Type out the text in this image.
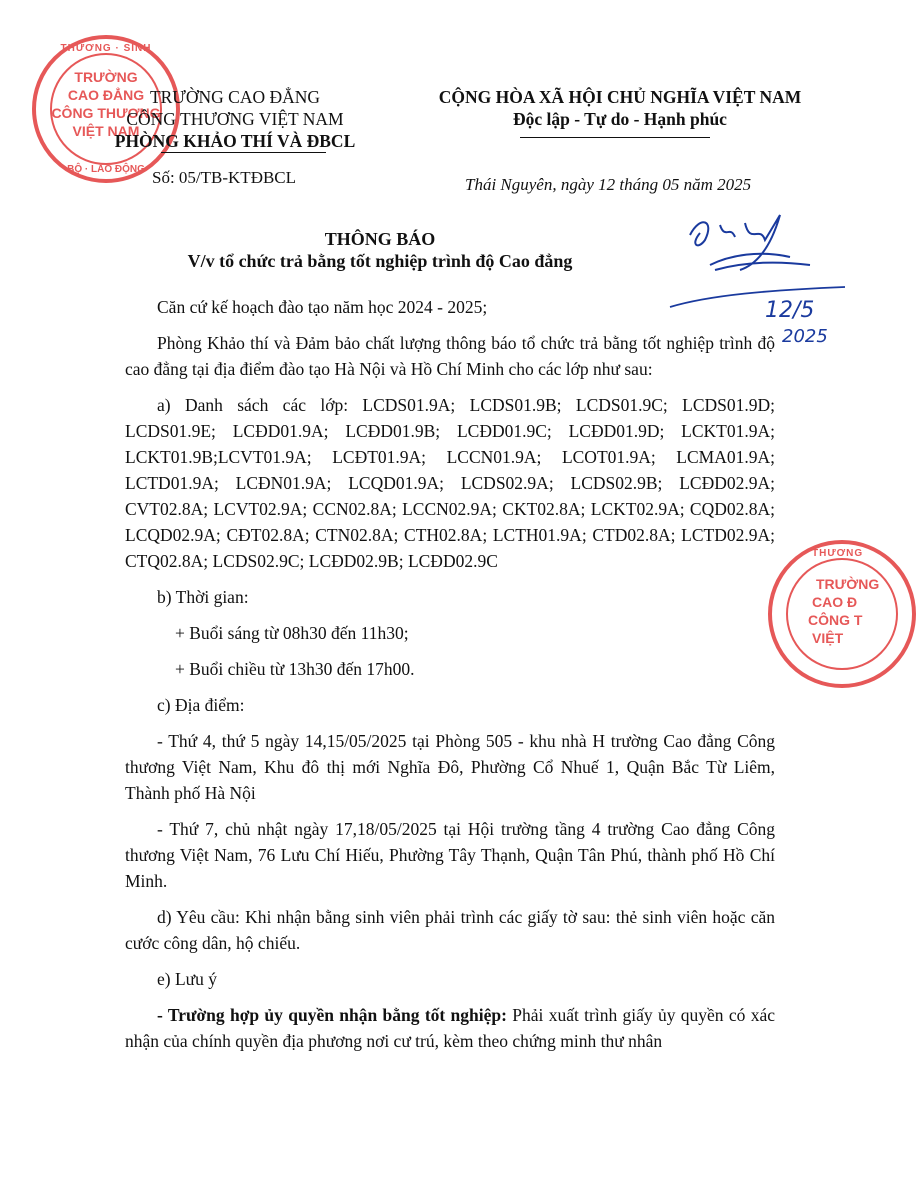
THƯƠNG · SINH
TRƯỜNG
CAO ĐẲNG
CÔNG THƯƠNG
VIỆT NAM
BỘ · LAO ĐỘNG
THƯƠNG
TRƯỜNG
CAO Đ
CÔNG T
VIỆT
TRƯỜNG CAO ĐẲNG
CÔNG THƯƠNG VIỆT NAM
PHÒNG KHẢO THÍ VÀ ĐBCL
CỘNG HÒA XÃ HỘI CHỦ NGHĨA VIỆT NAM
Độc lập - Tự do - Hạnh phúc
Số: 05/TB-KTĐBCL	Thái Nguyên, ngày 12 tháng 05 năm 2025
THÔNG BÁO
V/v tổ chức trả bằng tốt nghiệp trình độ Cao đẳng
12/5
2025

Căn cứ kế hoạch đào tạo năm học 2024 - 2025;

Phòng Khảo thí và Đảm bảo chất lượng thông báo tổ chức trả bằng tốt nghiệp trình độ cao đẳng tại địa điểm đào tạo Hà Nội và Hồ Chí Minh cho các lớp như sau:

a) Danh sách các lớp: LCDS01.9A; LCDS01.9B; LCDS01.9C; LCDS01.9D; LCDS01.9E; LCĐD01.9A; LCĐD01.9B; LCĐD01.9C; LCĐD01.9D; LCKT01.9A; LCKT01.9B;LCVT01.9A; LCĐT01.9A; LCCN01.9A; LCOT01.9A; LCMA01.9A; LCTD01.9A; LCĐN01.9A; LCQD01.9A; LCDS02.9A; LCDS02.9B; LCĐD02.9A; CVT02.8A; LCVT02.9A; CCN02.8A; LCCN02.9A; CKT02.8A; LCKT02.9A; CQD02.8A; LCQD02.9A; CĐT02.8A; CTN02.8A; CTH02.8A; LCTH01.9A; CTD02.8A; LCTD02.9A; CTQ02.8A; LCDS02.9C; LCĐD02.9B; LCĐD02.9C

b) Thời gian:

+ Buổi sáng từ 08h30 đến 11h30;

+ Buổi chiều từ 13h30 đến 17h00.

c) Địa điểm:

- Thứ 4, thứ 5 ngày 14,15/05/2025 tại Phòng 505 - khu nhà H trường Cao đẳng Công thương Việt Nam, Khu đô thị mới Nghĩa Đô, Phường Cổ Nhuế 1, Quận Bắc Từ Liêm, Thành phố Hà Nội

- Thứ 7, chủ nhật ngày 17,18/05/2025 tại Hội trường tầng 4 trường Cao đẳng Công thương Việt Nam, 76 Lưu Chí Hiếu, Phường Tây Thạnh, Quận Tân Phú, thành phố Hồ Chí Minh.

d) Yêu cầu: Khi nhận bằng sinh viên phải trình các giấy tờ sau: thẻ sinh viên hoặc căn cước công dân, hộ chiếu.

e) Lưu ý

- Trường hợp ủy quyền nhận bằng tốt nghiệp: Phải xuất trình giấy ủy quyền có xác nhận của chính quyền địa phương nơi cư trú, kèm theo chứng minh thư nhân
